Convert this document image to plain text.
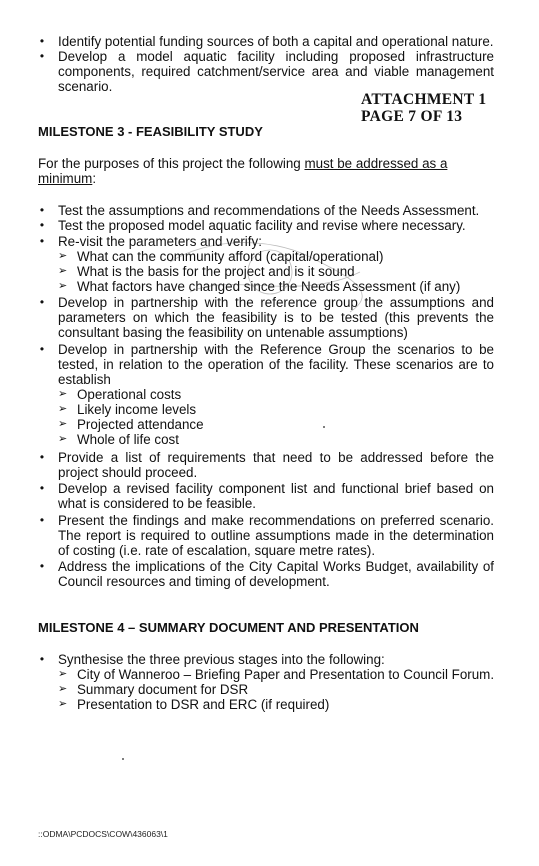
• Identify potential funding sources of both a capital and operational nature.
• Develop a model aquatic facility including proposed infrastructure components, required catchment/service area and viable management scenario.
ATTACHMENT 1
PAGE 7 OF 13
MILESTONE 3 - FEASIBILITY STUDY
For the purposes of this project the following must be addressed as a
minimum:
• Test the assumptions and recommendations of the Needs Assessment.
• Test the proposed model aquatic facility and revise where necessary.
• Re-visit the parameters and verify:
➢ What can the community afford (capital/operational)
➢ What is the basis for the project and is it sound
➢ What factors have changed since the Needs Assessment (if any)
• Develop in partnership with the reference group the assumptions and parameters on which the feasibility is to be tested (this prevents the consultant basing the feasibility on untenable assumptions)
• Develop in partnership with the Reference Group the scenarios to be tested, in relation to the operation of the facility. These scenarios are to establish
➢ Operational costs
➢ Likely income levels
➢ Projected attendance
➢ Whole of life cost
• Provide a list of requirements that need to be addressed before the project should proceed.
• Develop a revised facility component list and functional brief based on what is considered to be feasible.
• Present the findings and make recommendations on preferred scenario. The report is required to outline assumptions made in the determination of costing (i.e. rate of escalation, square metre rates).
• Address the implications of the City Capital Works Budget, availability of Council resources and timing of development.
MILESTONE 4 – SUMMARY DOCUMENT AND PRESENTATION
• Synthesise the three previous stages into the following:
➢ City of Wanneroo – Briefing Paper and Presentation to Council Forum.
➢ Summary document for DSR
➢ Presentation to DSR and ERC (if required)
::ODMA\PCDOCS\COW\436063\1
